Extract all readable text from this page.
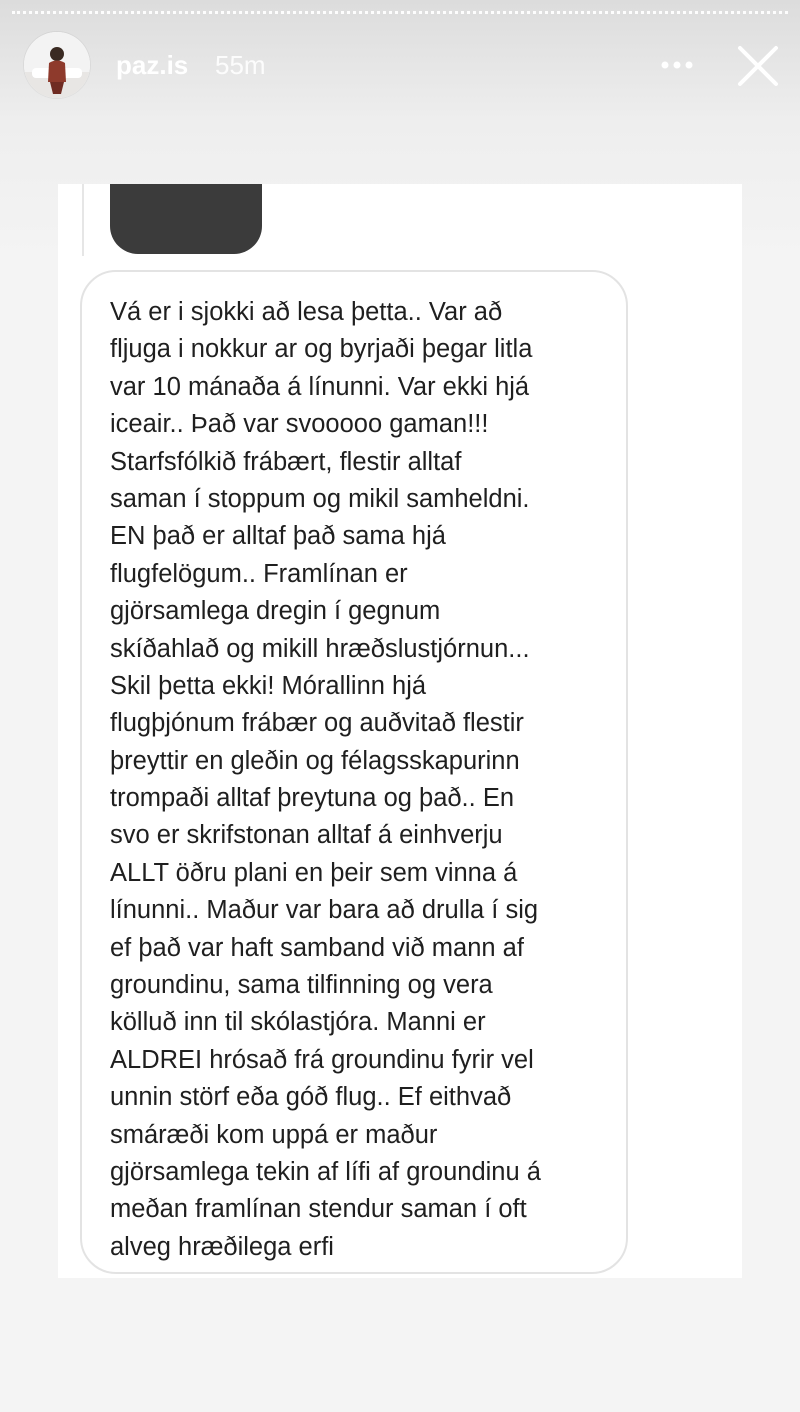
paz.is 55m
Vá er i sjokki að lesa þetta.. Var að
fljuga i nokkur ar og byrjaði þegar litla
var 10 mánaða á línunni. Var ekki hjá
iceair.. Það var svooooo gaman!!!
Starfsfólkið frábært, flestir alltaf
saman í stoppum og mikil samheldni.
EN það er alltaf það sama hjá
flugfelögum.. Framlínan er
gjörsamlega dregin í gegnum
skíðahlað og mikill hræðslustjórnun...
Skil þetta ekki! Mórallinn hjá
flugþjónum frábær og auðvitað flestir
þreyttir en gleðin og félagsskapurinn
trompaði alltaf þreytuna og það.. En
svo er skrifstonan alltaf á einhverju
ALLT öðru plani en þeir sem vinna á
línunni.. Maður var bara að drulla í sig
ef það var haft samband við mann af
groundinu, sama tilfinning og vera
kölluð inn til skólastjóra. Manni er
ALDREI hrósað frá groundinu fyrir vel
unnin störf eða góð flug.. Ef eithvað
smáræði kom uppá er maður
gjörsamlega tekin af lífi af groundinu á
meðan framlínan stendur saman í oft
alveg hræðilega erfi
